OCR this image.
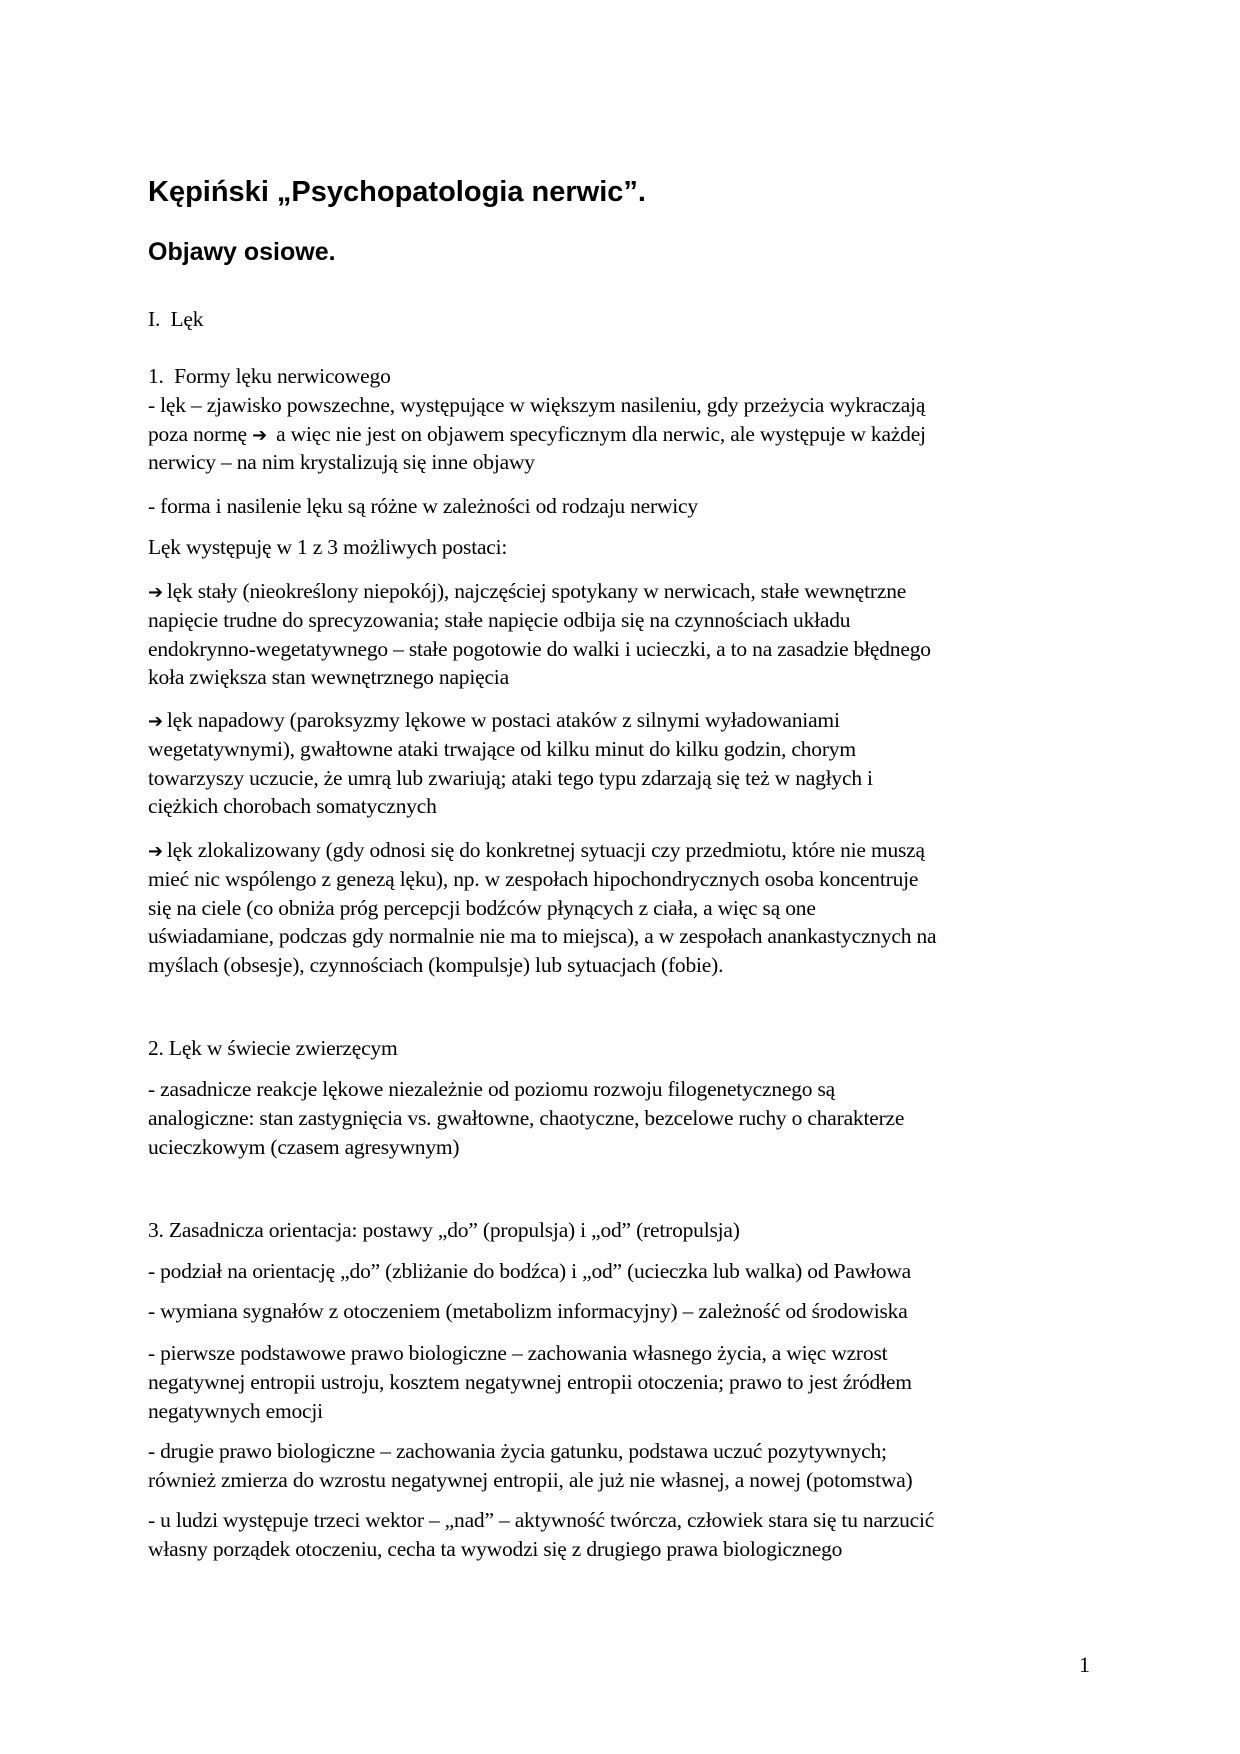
Kępiński „Psychopatologia nerwic”.
Objawy osiowe.
I. Lęk
1. Formy lęku nerwicowego
- lęk – zjawisko powszechne, występujące w większym nasileniu, gdy przeżycia wykraczają
poza normę ➔ a więc nie jest on objawem specyficznym dla nerwic, ale występuje w każdej
nerwicy – na nim krystalizują się inne objawy
- forma i nasilenie lęku są różne w zależności od rodzaju nerwicy
Lęk występuję w 1 z 3 możliwych postaci:
➔ lęk stały (nieokreślony niepokój), najczęściej spotykany w nerwicach, stałe wewnętrzne
napięcie trudne do sprecyzowania; stałe napięcie odbija się na czynnościach układu
endokrynno-wegetatywnego – stałe pogotowie do walki i ucieczki, a to na zasadzie błędnego
koła zwiększa stan wewnętrznego napięcia
➔ lęk napadowy (paroksyzmy lękowe w postaci ataków z silnymi wyładowaniami
wegetatywnymi), gwałtowne ataki trwające od kilku minut do kilku godzin, chorym
towarzyszy uczucie, że umrą lub zwariują; ataki tego typu zdarzają się też w nagłych i
ciężkich chorobach somatycznych
➔ lęk zlokalizowany (gdy odnosi się do konkretnej sytuacji czy przedmiotu, które nie muszą
mieć nic wspólengo z genezą lęku), np. w zespołach hipochondrycznych osoba koncentruje
się na ciele (co obniża próg percepcji bodźców płynących z ciała, a więc są one
uświadamiane, podczas gdy normalnie nie ma to miejsca), a w zespołach anankastycznych na
myślach (obsesje), czynnościach (kompulsje) lub sytuacjach (fobie).
2. Lęk w świecie zwierzęcym
- zasadnicze reakcje lękowe niezależnie od poziomu rozwoju filogenetycznego są
analogiczne: stan zastygnięcia vs. gwałtowne, chaotyczne, bezcelowe ruchy o charakterze
ucieczkowym (czasem agresywnym)
3. Zasadnicza orientacja: postawy „do” (propulsja) i „od” (retropulsja)
- podział na orientację „do” (zbliżanie do bodźca) i „od” (ucieczka lub walka) od Pawłowa
- wymiana sygnałów z otoczeniem (metabolizm informacyjny) – zależność od środowiska
- pierwsze podstawowe prawo biologiczne – zachowania własnego życia, a więc wzrost
negatywnej entropii ustroju, kosztem negatywnej entropii otoczenia; prawo to jest źródłem
negatywnych emocji
- drugie prawo biologiczne – zachowania życia gatunku, podstawa uczuć pozytywnych;
również zmierza do wzrostu negatywnej entropii, ale już nie własnej, a nowej (potomstwa)
- u ludzi występuje trzeci wektor – „nad” – aktywność twórcza, człowiek stara się tu narzucić
własny porządek otoczeniu, cecha ta wywodzi się z drugiego prawa biologicznego
1
